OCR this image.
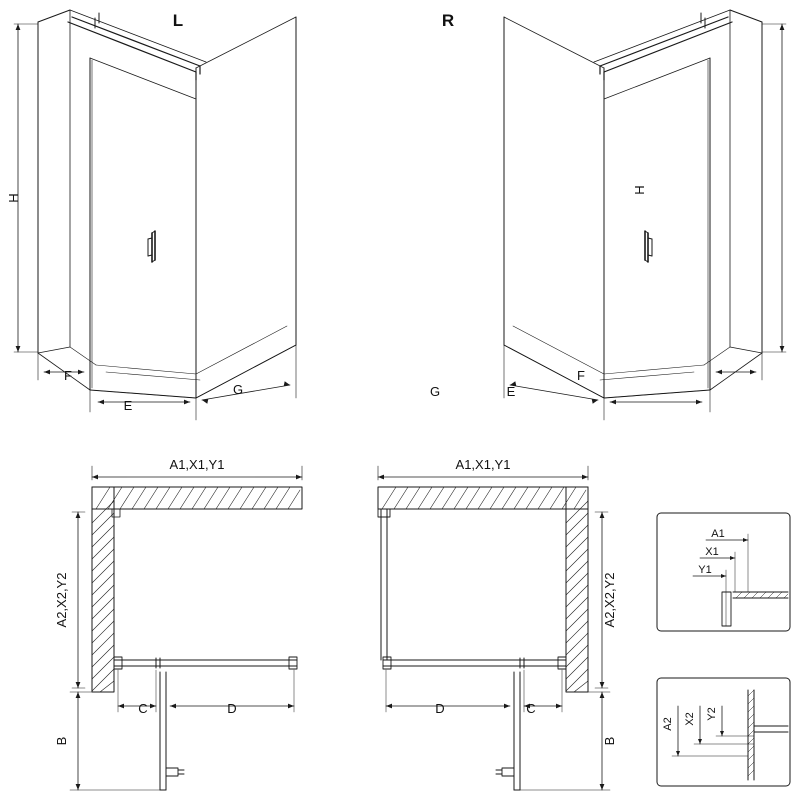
L	R
H
H
F
E
G
F
E
G
A1,X1,Y1	A1,X1,Y1
A2,X2,Y2	A2,X2,Y2
B	B
C	D	D	C
A1
X1
Y1
A2 X2 Y2
